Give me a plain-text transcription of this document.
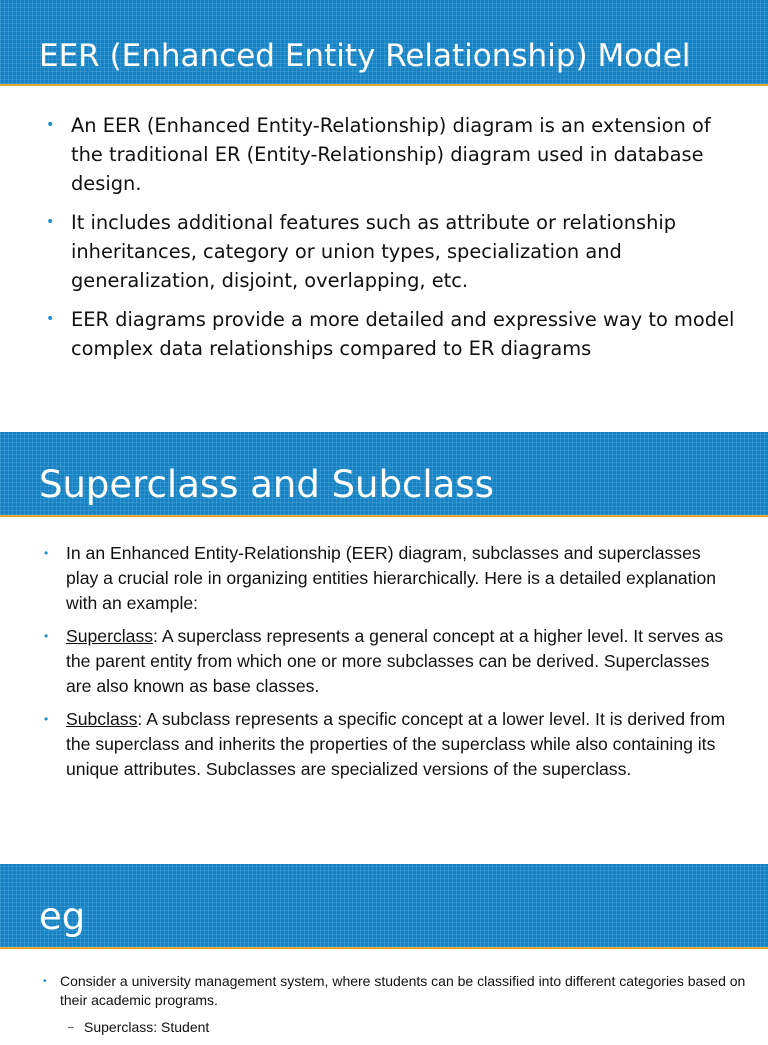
EER (Enhanced Entity Relationship) Model
• An EER (Enhanced Entity-Relationship) diagram is an extension of the traditional ER (Entity-Relationship) diagram used in database design.
• It includes additional features such as attribute or relationship inheritances, category or union types, specialization and generalization, disjoint, overlapping, etc.
• EER diagrams provide a more detailed and expressive way to model complex data relationships compared to ER diagrams
Superclass and Subclass
• In an Enhanced Entity-Relationship (EER) diagram, subclasses and superclasses play a crucial role in organizing entities hierarchically. Here is a detailed explanation with an example:
• Superclass: A superclass represents a general concept at a higher level. It serves as the parent entity from which one or more subclasses can be derived. Superclasses are also known as base classes.
• Subclass: A subclass represents a specific concept at a lower level. It is derived from the superclass and inherits the properties of the superclass while also containing its unique attributes. Subclasses are specialized versions of the superclass.
eg
• Consider a university management system, where students can be classified into different categories based on their academic programs.
– Superclass: Student
